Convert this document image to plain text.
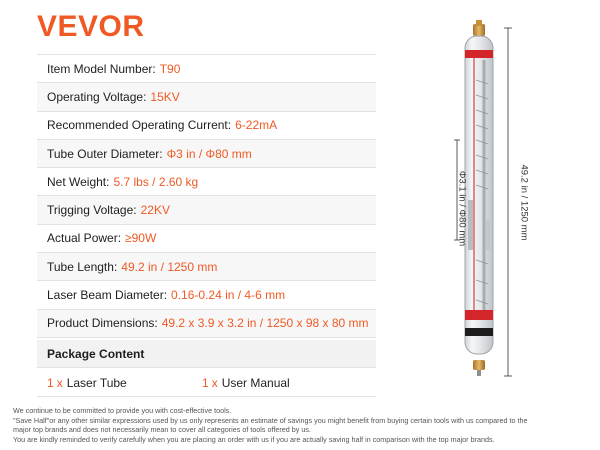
VEVOR
Item Model Number: T90
Operating Voltage: 15KV
Recommended Operating Current: 6-22mA
Tube Outer Diameter: Φ3 in / Φ80 mm
Net Weight: 5.7 lbs / 2.60 kg
Trigging Voltage: 22KV
Actual Power: ≥90W
Tube Length: 49.2 in / 1250 mm
Laser Beam Diameter: 0.16-0.24 in / 4-6 mm
Product Dimensions: 49.2 x 3.9 x 3.2 in / 1250 x 98 x 80 mm
Package Content
1 x Laser Tube	1 x User Manual
Φ3.1 in / Φ80 mm	49.2 in / 1250 mm
We continue to be committed to provide you with cost-effective tools.
"Save Half"or any other similar expressions used by us only represents an estimate of savings you might benefit from buying certain tools with us compared to the
major top brands and does not necessarily mean to cover all categories of tools offered by us.
You are kindly reminded to verify carefully when you are placing an order with us if you are actually saving half in comparison with the top major brands.
